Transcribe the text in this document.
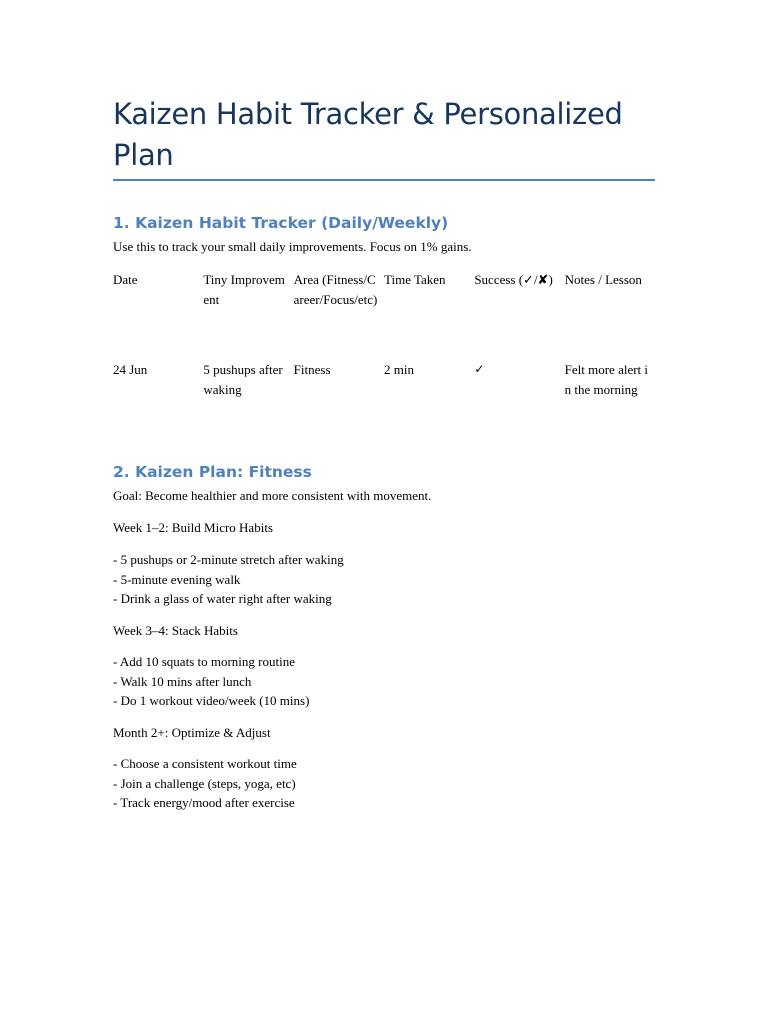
Kaizen Habit Tracker & Personalized Plan
1. Kaizen Habit Tracker (Daily/Weekly)

Use this to track your small daily improvements. Focus on 1% gains.

Date	Tiny Improvement	Area (Fitness/Career/Focus/etc)	Time Taken	Success (✓/✘)	Notes / Lesson

24 Jun	5 pushups after waking	Fitness	2 min	✓	Felt more alert in the morning
2. Kaizen Plan: Fitness

Goal: Become healthier and more consistent with movement.

Week 1–2: Build Micro Habits

- 5 pushups or 2-minute stretch after waking
- 5-minute evening walk
- Drink a glass of water right after waking

Week 3–4: Stack Habits

- Add 10 squats to morning routine
- Walk 10 mins after lunch
- Do 1 workout video/week (10 mins)

Month 2+: Optimize & Adjust

- Choose a consistent workout time
- Join a challenge (steps, yoga, etc)
- Track energy/mood after exercise
